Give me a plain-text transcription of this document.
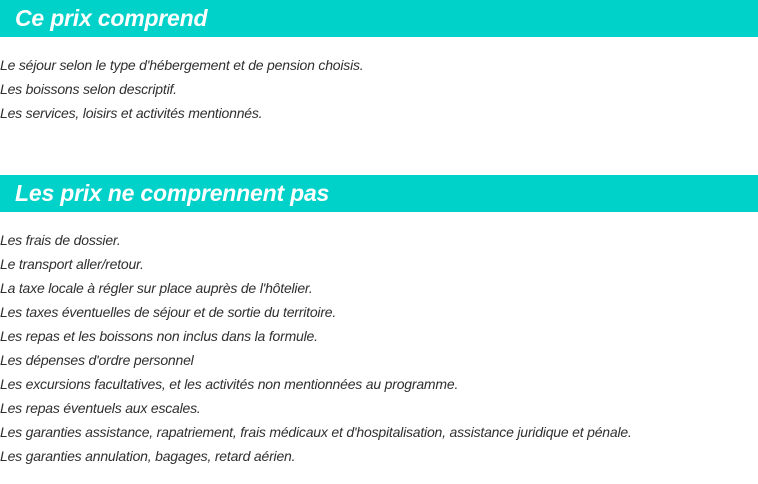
Ce prix comprend
Le séjour selon le type d'hébergement et de pension choisis.
Les boissons selon descriptif.
Les services, loisirs et activités mentionnés.
Les prix ne comprennent pas
Les frais de dossier.
Le transport aller/retour.
La taxe locale à régler sur place auprès de l'hôtelier.
Les taxes éventuelles de séjour et de sortie du territoire.
Les repas et les boissons non inclus dans la formule.
Les dépenses d'ordre personnel
Les excursions facultatives, et les activités non mentionnées au programme.
Les repas éventuels aux escales.
Les garanties assistance, rapatriement, frais médicaux et d'hospitalisation, assistance juridique et pénale.
Les garanties annulation, bagages, retard aérien.
